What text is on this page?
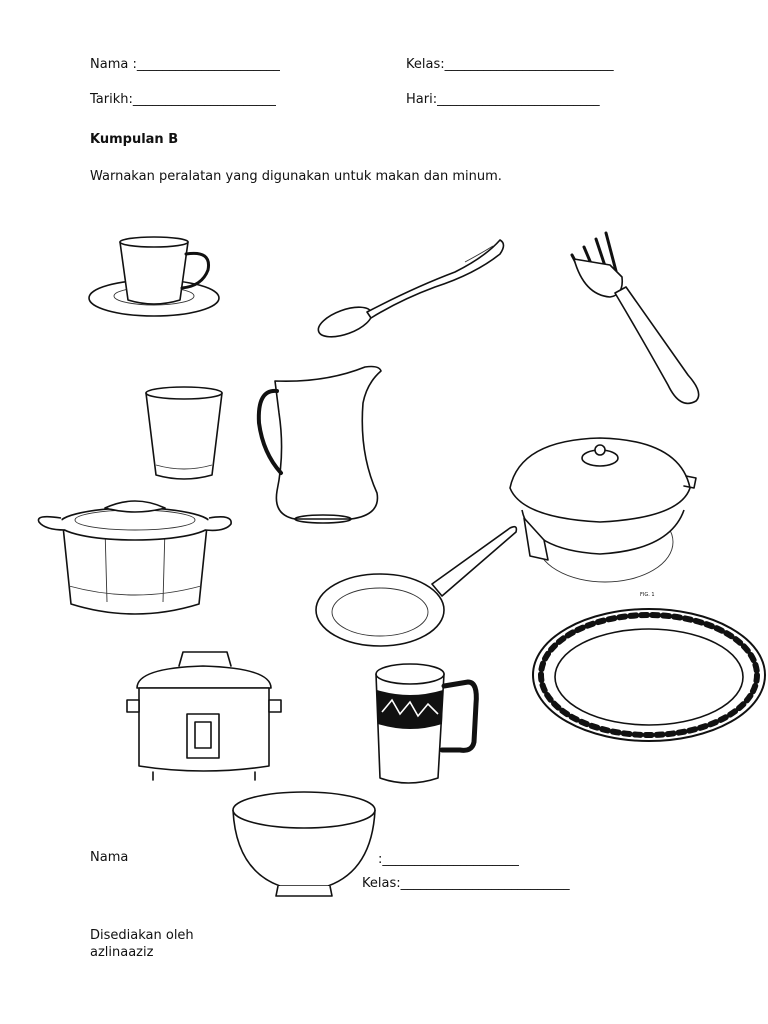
Nama :______________________	Kelas:__________________________
Tarikh:______________________	Hari:_________________________
Kumpulan B
Warnakan peralatan yang digunakan untuk makan dan minum.
FIG. 1
Nama	:_____________________
Kelas:__________________________
Disediakan oleh
azlinaaziz
